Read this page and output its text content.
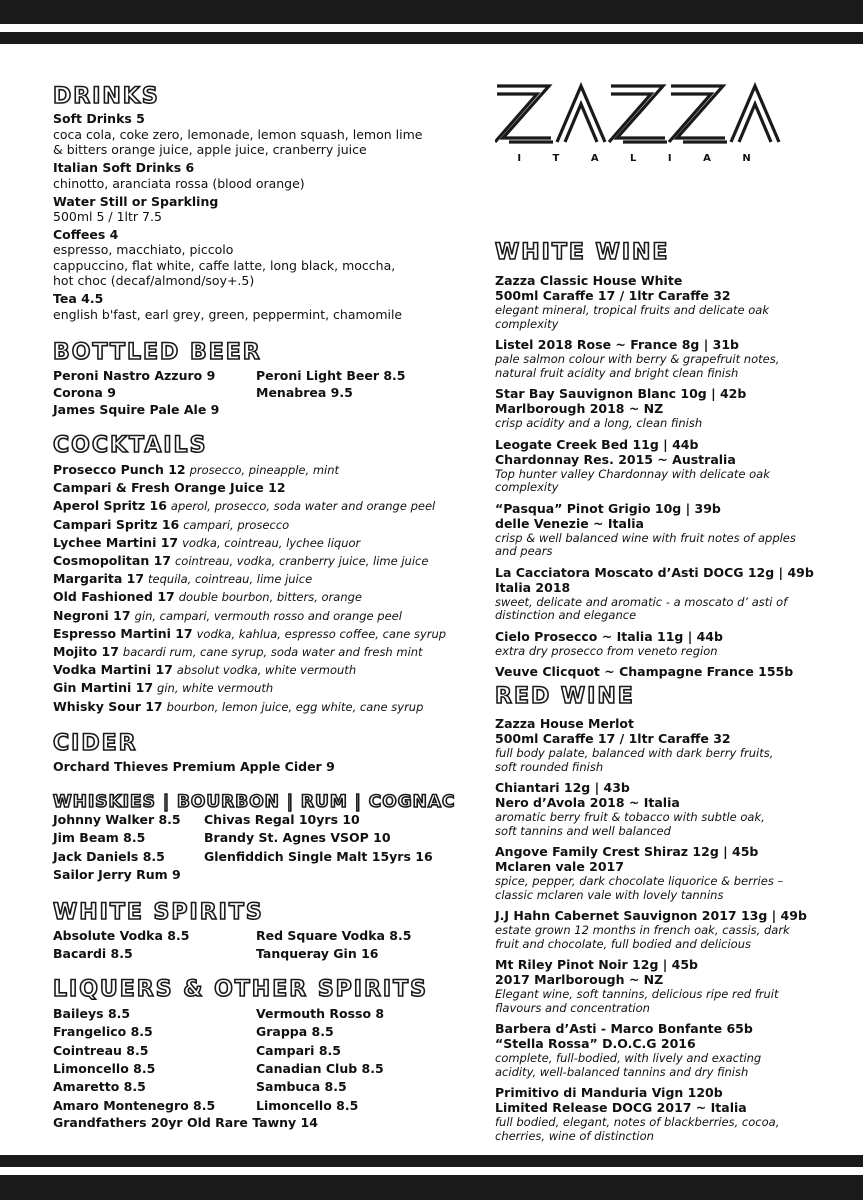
I T A L I A N
DRINKS
Soft Drinks 5
coca cola, coke zero, lemonade, lemon squash, lemon lime
& bitters orange juice, apple juice, cranberry juice
Italian Soft Drinks 6
chinotto, aranciata rossa (blood orange)
Water Still or Sparkling
500ml 5 / 1ltr 7.5
Coffees 4
espresso, macchiato, piccolo
cappuccino, flat white, caffe latte, long black, moccha,
hot choc (decaf/almond/soy+.5)
Tea 4.5
english b'fast, earl grey, green, peppermint, chamomile
BOTTLED BEER
Peroni Nastro Azzuro 9
Corona 9
James Squire Pale Ale 9
Peroni Light Beer 8.5
Menabrea 9.5
COCKTAILS
CIDER
Orchard Thieves Premium Apple Cider 9
WHISKIES | BOURBON | RUM | COGNAC
Johnny Walker 8.5
Jim Beam 8.5
Jack Daniels 8.5
Sailor Jerry Rum 9
Chivas Regal 10yrs 10
Brandy St. Agnes VSOP 10
Glenfiddich Single Malt 15yrs 16
WHITE SPIRITS
Absolute Vodka 8.5
Bacardi 8.5
Red Square Vodka 8.5
Tanqueray Gin 16
LIQUERS & OTHER SPIRITS
Grandfathers 20yr Old Rare Tawny 14
WHITE WINE
RED WINE
Prosecco Punch 12 prosecco, pineapple, mint
Campari & Fresh Orange Juice 12
Aperol Spritz 16 aperol, prosecco, soda water and orange peel
Campari Spritz 16 campari, prosecco
Lychee Martini 17 vodka, cointreau, lychee liquor
Cosmopolitan 17 cointreau, vodka, cranberry juice, lime juice
Margarita 17 tequila, cointreau, lime juice
Old Fashioned 17 double bourbon, bitters, orange
Negroni 17 gin, campari, vermouth rosso and orange peel
Espresso Martini 17 vodka, kahlua, espresso coffee, cane syrup
Mojito 17 bacardi rum, cane syrup, soda water and fresh mint
Vodka Martini 17 absolut vodka, white vermouth
Gin Martini 17 gin, white vermouth
Whisky Sour 17 bourbon, lemon juice, egg white, cane syrup
Baileys 8.5
Frangelico 8.5
Cointreau 8.5
Limoncello 8.5
Amaretto 8.5
Amaro Montenegro 8.5
Vermouth Rosso 8
Grappa 8.5
Campari 8.5
Canadian Club 8.5
Sambuca 8.5
Limoncello 8.5
Zazza Classic House White
500ml Caraffe 17 / 1ltr Caraffe 32
elegant mineral, tropical fruits and delicate oak
complexity
Listel 2018 Rose ~ France 8g | 31b
pale salmon colour with berry & grapefruit notes,
natural fruit acidity and bright clean finish
Star Bay Sauvignon Blanc 10g | 42b
Marlborough 2018 ~ NZ
crisp acidity and a long, clean finish
Leogate Creek Bed 11g | 44b
Chardonnay Res. 2015 ~ Australia
Top hunter valley Chardonnay with delicate oak
complexity
“Pasqua” Pinot Grigio 10g | 39b
delle Venezie ~ Italia
crisp & well balanced wine with fruit notes of apples
and pears
La Cacciatora Moscato d’Asti DOCG 12g | 49b
Italia 2018
sweet, delicate and aromatic - a moscato d’ asti of
distinction and elegance
Cielo Prosecco ~ Italia 11g | 44b
extra dry prosecco from veneto region
Veuve Clicquot ~ Champagne France 155b
Zazza House Merlot
500ml Caraffe 17 / 1ltr Caraffe 32
full body palate, balanced with dark berry fruits,
soft rounded finish
Chiantari 12g | 43b
Nero d’Avola 2018 ~ Italia
aromatic berry fruit & tobacco with subtle oak,
soft tannins and well balanced
Angove Family Crest Shiraz 12g | 45b
Mclaren vale 2017
spice, pepper, dark chocolate liquorice & berries –
classic mclaren vale with lovely tannins
J.J Hahn Cabernet Sauvignon 2017 13g | 49b
estate grown 12 months in french oak, cassis, dark
fruit and chocolate, full bodied and delicious
Mt Riley Pinot Noir 12g | 45b
2017 Marlborough ~ NZ
Elegant wine, soft tannins, delicious ripe red fruit
flavours and concentration
Barbera d’Asti - Marco Bonfante 65b
“Stella Rossa” D.O.C.G 2016
complete, full-bodied, with lively and exacting
acidity, well-balanced tannins and dry finish
Primitivo di Manduria Vign 120b
Limited Release DOCG 2017 ~ Italia
full bodied, elegant, notes of blackberries, cocoa,
cherries, wine of distinction
